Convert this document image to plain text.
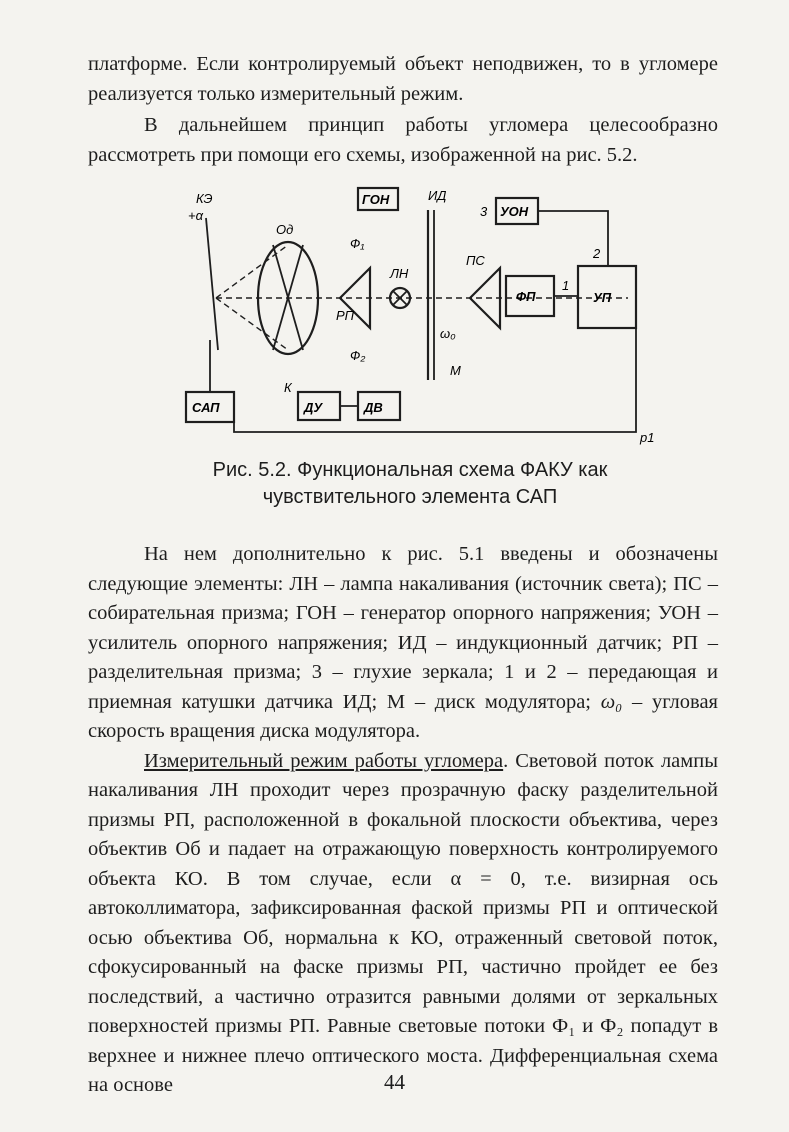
платформе. Если контролируемый объект неподвижен, то в угломере реализуется только измерительный режим.

В дальнейшем принцип работы угломера целесообразно рассмотреть при помощи его схемы, изображенной на рис. 5.2.

КЭ
+α
Од
РП
ЛН
ГОН	ИД
Ф₁
Ф₂
ω₀
М
ПС
УОН
ФП	УП
1
2
3
САП	ДУ
К
ДВ
р1
Рис. 5.2. Функциональная схема ФАКУ как чувствительного элемента САП

На нем дополнительно к рис. 5.1 введены и обозначены следующие элементы: ЛН – лампа накаливания (источник света); ПС – собирательная призма; ГОН – генератор опорного напряжения; УОН – усилитель опорного напряжения; ИД – индукционный датчик; РП – разделительная призма; 3 – глухие зеркала; 1 и 2 – передающая и приемная катушки датчика ИД; М – диск модулятора; ω₀ – угловая скорость вращения диска модулятора.

Измерительный режим работы угломера. Световой поток лампы накаливания ЛН проходит через прозрачную фаску разделительной призмы РП, расположенной в фокальной плоскости объектива, через объектив Об и падает на отражающую поверхность контролируемого объекта КО. В том случае, если α = 0, т.е. визирная ось автоколлиматора, зафиксированная фаской призмы РП и оптической осью объектива Об, нормальна к КО, отраженный световой поток, сфокусированный на фаске призмы РП, частично пройдет ее без последствий, а частично отразится равными долями от зеркальных поверхностей призмы РП. Равные световые потоки Ф₁ и Ф₂ попадут в верхнее и нижнее плечо оптического моста. Дифференциальная схема на основе	44
